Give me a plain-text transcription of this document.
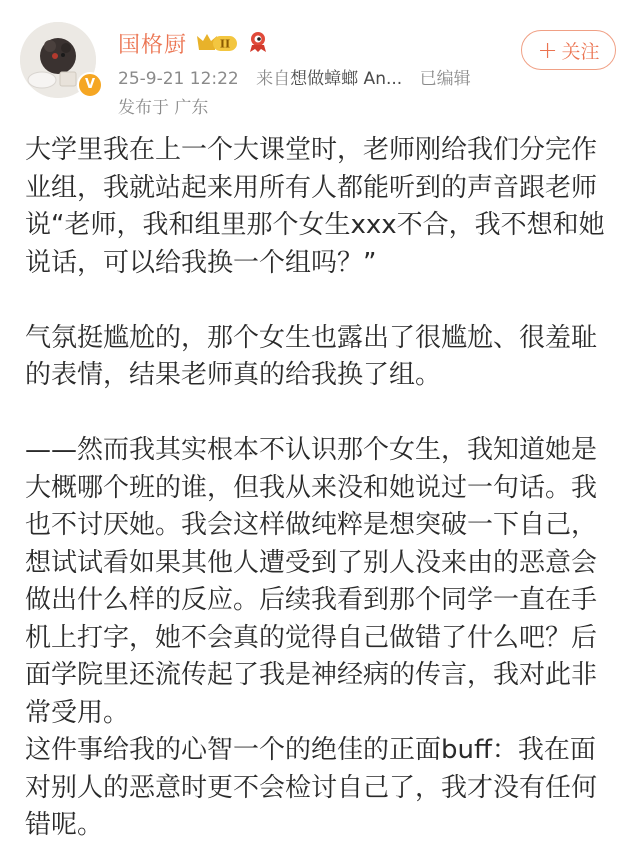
V
国格厨	II
25-9-21 12:22 来自想做蟑螂 An... 已编辑
发布于 广东
+ 关注

大学里我在上一个大课堂时，老师刚给我们分完作业组，我就站起来用所有人都能听到的声音跟老师说“老师，我和组里那个女生xxx不合，我不想和她说话，可以给我换一个组吗？”

气氛挺尴尬的，那个女生也露出了很尴尬、很羞耻的表情，结果老师真的给我换了组。

——然而我其实根本不认识那个女生，我知道她是大概哪个班的谁，但我从来没和她说过一句话。我也不讨厌她。我会这样做纯粹是想突破一下自己，想试试看如果其他人遭受到了别人没来由的恶意会做出什么样的反应。后续我看到那个同学一直在手机上打字，她不会真的觉得自己做错了什么吧？后面学院里还流传起了我是神经病的传言，我对此非常受用。

这件事给我的心智一个的绝佳的正面buff：我在面对别人的恶意时更不会检讨自己了，我才没有任何错呢。
